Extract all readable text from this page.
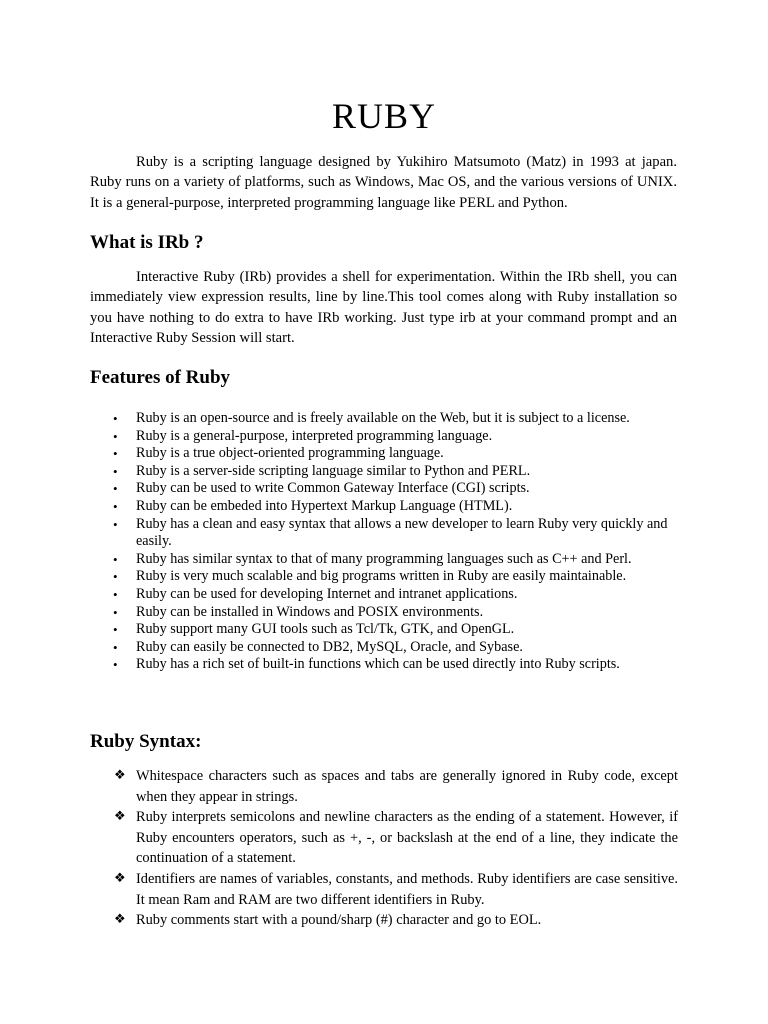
RUBY

Ruby is a scripting language designed by Yukihiro Matsumoto (Matz) in 1993 at japan. Ruby runs on a variety of platforms, such as Windows, Mac OS, and the various versions of UNIX. It is a general-purpose, interpreted programming language like PERL and Python.

What is IRb ?

Interactive Ruby (IRb) provides a shell for experimentation. Within the IRb shell, you can immediately view expression results, line by line.This tool comes along with Ruby installation so you have nothing to do extra to have IRb working. Just type irb at your command prompt and an Interactive Ruby Session will start.

Features of Ruby
• Ruby is an open-source and is freely available on the Web, but it is subject to a license.
• Ruby is a general-purpose, interpreted programming language.
• Ruby is a true object-oriented programming language.
• Ruby is a server-side scripting language similar to Python and PERL.
• Ruby can be used to write Common Gateway Interface (CGI) scripts.
• Ruby can be embeded into Hypertext Markup Language (HTML).
• Ruby has a clean and easy syntax that allows a new developer to learn Ruby very quickly and easily.
• Ruby has similar syntax to that of many programming languages such as C++ and Perl.
• Ruby is very much scalable and big programs written in Ruby are easily maintainable.
• Ruby can be used for developing Internet and intranet applications.
• Ruby can be installed in Windows and POSIX environments.
• Ruby support many GUI tools such as Tcl/Tk, GTK, and OpenGL.
• Ruby can easily be connected to DB2, MySQL, Oracle, and Sybase.
• Ruby has a rich set of built-in functions which can be used directly into Ruby scripts.
Ruby Syntax:
❖ Whitespace characters such as spaces and tabs are generally ignored in Ruby code, except when they appear in strings.
❖ Ruby interprets semicolons and newline characters as the ending of a statement. However, if Ruby encounters operators, such as +, -, or backslash at the end of a line, they indicate the continuation of a statement.
❖ Identifiers are names of variables, constants, and methods. Ruby identifiers are case sensitive. It mean Ram and RAM are two different identifiers in Ruby.
❖ Ruby comments start with a pound/sharp (#) character and go to EOL.
